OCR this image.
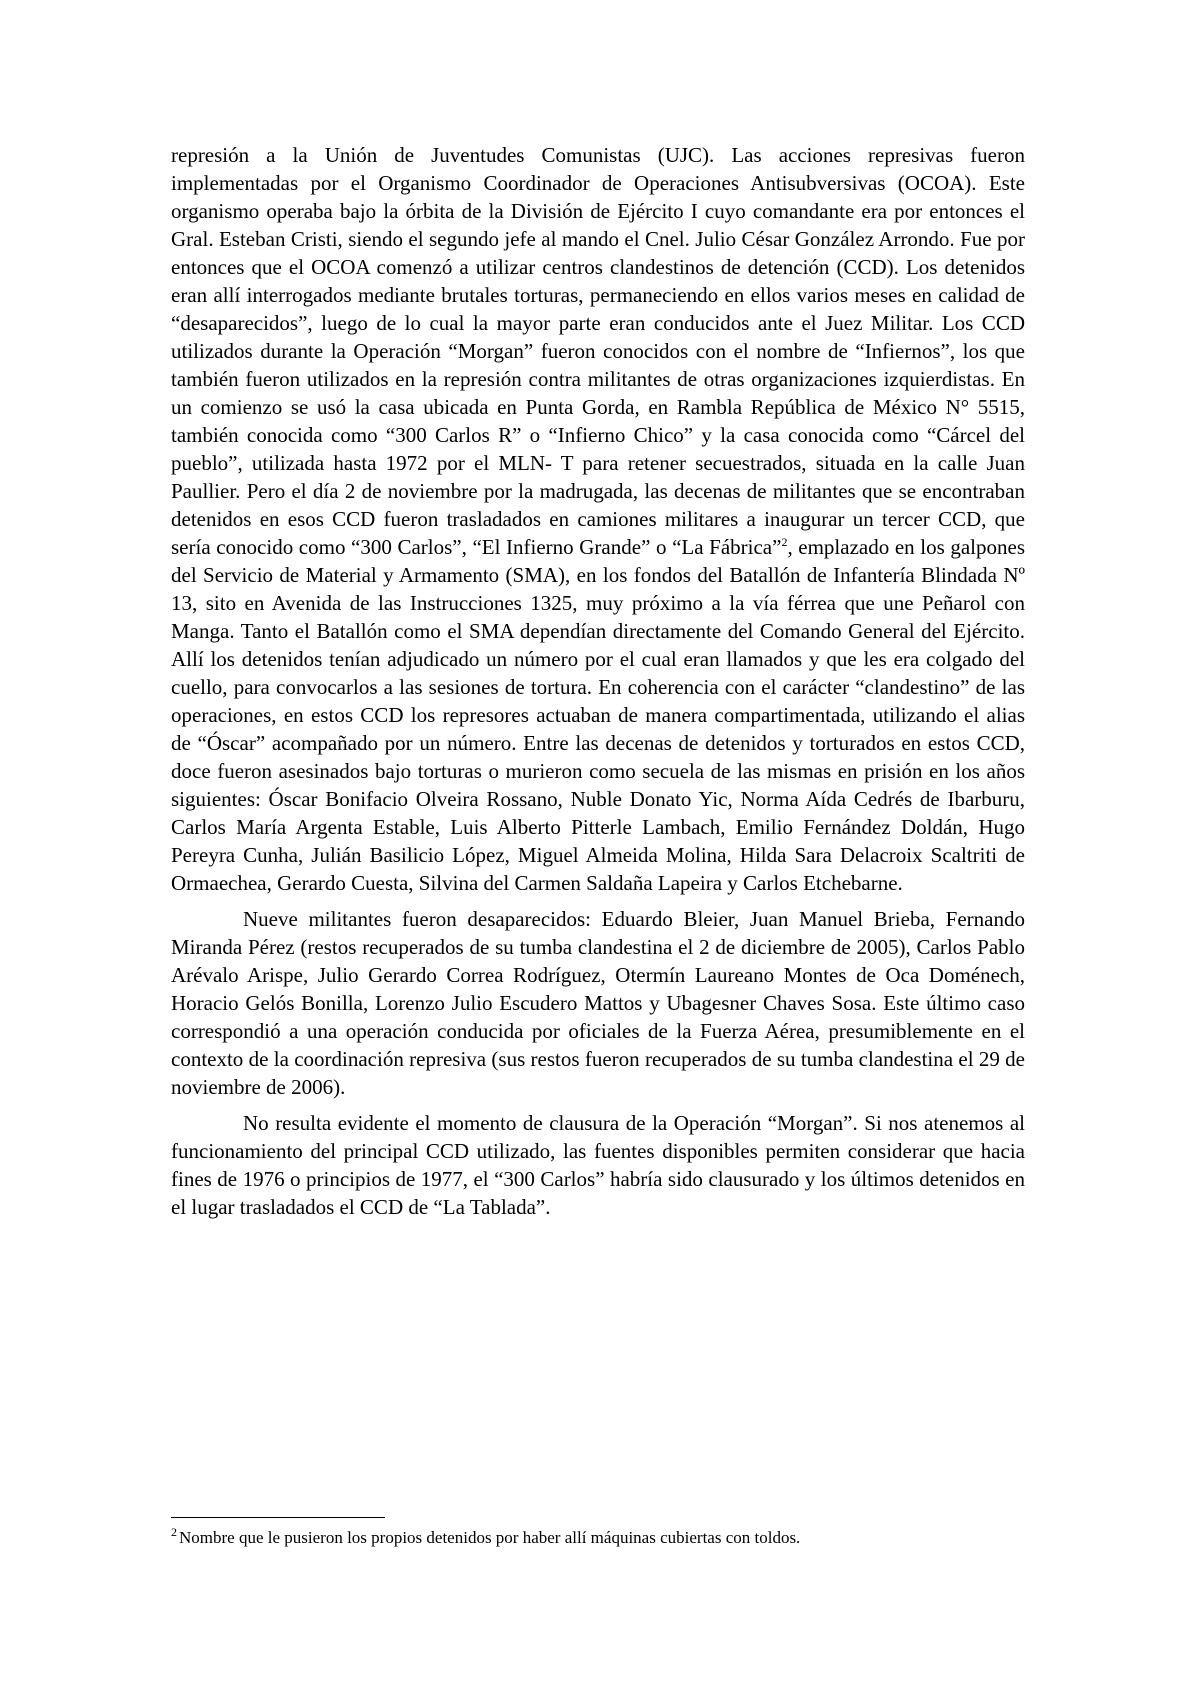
represión a la Unión de Juventudes Comunistas (UJC). Las acciones represivas fueron implementadas por el Organismo Coordinador de Operaciones Antisubversivas (OCOA). Este organismo operaba bajo la órbita de la División de Ejército I cuyo comandante era por entonces el Gral. Esteban Cristi, siendo el segundo jefe al mando el Cnel. Julio César González Arrondo. Fue por entonces que el OCOA comenzó a utilizar centros clandestinos de detención (CCD). Los detenidos eran allí interrogados mediante brutales torturas, permaneciendo en ellos varios meses en calidad de “desaparecidos”, luego de lo cual la mayor parte eran conducidos ante el Juez Militar. Los CCD utilizados durante la Operación “Morgan” fueron conocidos con el nombre de “Infiernos”, los que también fueron utilizados en la represión contra militantes de otras organizaciones izquierdistas. En un comienzo se usó la casa ubicada en Punta Gorda, en Rambla República de México N° 5515, también conocida como “300 Carlos R” o “Infierno Chico” y la casa conocida como “Cárcel del pueblo”, utilizada hasta 1972 por el MLN- T para retener secuestrados, situada en la calle Juan Paullier. Pero el día 2 de noviembre por la madrugada, las decenas de militantes que se encontraban detenidos en esos CCD fueron trasladados en camiones militares a inaugurar un tercer CCD, que sería conocido como “300 Carlos”, “El Infierno Grande” o “La Fábrica”$^2$, emplazado en los galpones del Servicio de Material y Armamento (SMA), en los fondos del Batallón de Infantería Blindada Nº 13, sito en Avenida de las Instrucciones 1325, muy próximo a la vía férrea que une Peñarol con Manga. Tanto el Batallón como el SMA dependían directamente del Comando General del Ejército. Allí los detenidos tenían adjudicado un número por el cual eran llamados y que les era colgado del cuello, para convocarlos a las sesiones de tortura. En coherencia con el carácter “clandestino” de las operaciones, en estos CCD los represores actuaban de manera compartimentada, utilizando el alias de “Óscar” acompañado por un número. Entre las decenas de detenidos y torturados en estos CCD, doce fueron asesinados bajo torturas o murieron como secuela de las mismas en prisión en los años siguientes: Óscar Bonifacio Olveira Rossano, Nuble Donato Yic, Norma Aída Cedrés de Ibarburu, Carlos María Argenta Estable, Luis Alberto Pitterle Lambach, Emilio Fernández Doldán, Hugo Pereyra Cunha, Julián Basilicio López, Miguel Almeida Molina, Hilda Sara Delacroix Scaltriti de Ormaechea, Gerardo Cuesta, Silvina del Carmen Saldaña Lapeira y Carlos Etchebarne.

Nueve militantes fueron desaparecidos: Eduardo Bleier, Juan Manuel Brieba, Fernando Miranda Pérez (restos recuperados de su tumba clandestina el 2 de diciembre de 2005), Carlos Pablo Arévalo Arispe, Julio Gerardo Correa Rodríguez, Otermín Laureano Montes de Oca Doménech, Horacio Gelós Bonilla, Lorenzo Julio Escudero Mattos y Ubagesner Chaves Sosa. Este último caso correspondió a una operación conducida por oficiales de la Fuerza Aérea, presumiblemente en el contexto de la coordinación represiva (sus restos fueron recuperados de su tumba clandestina el 29 de noviembre de 2006).

No resulta evidente el momento de clausura de la Operación “Morgan”. Si nos atenemos al funcionamiento del principal CCD utilizado, las fuentes disponibles permiten considerar que hacia fines de 1976 o principios de 1977, el “300 Carlos” habría sido clausurado y los últimos detenidos en el lugar trasladados el CCD de “La Tablada”.

$^2$ Nombre que le pusieron los propios detenidos por haber allí máquinas cubiertas con toldos.
